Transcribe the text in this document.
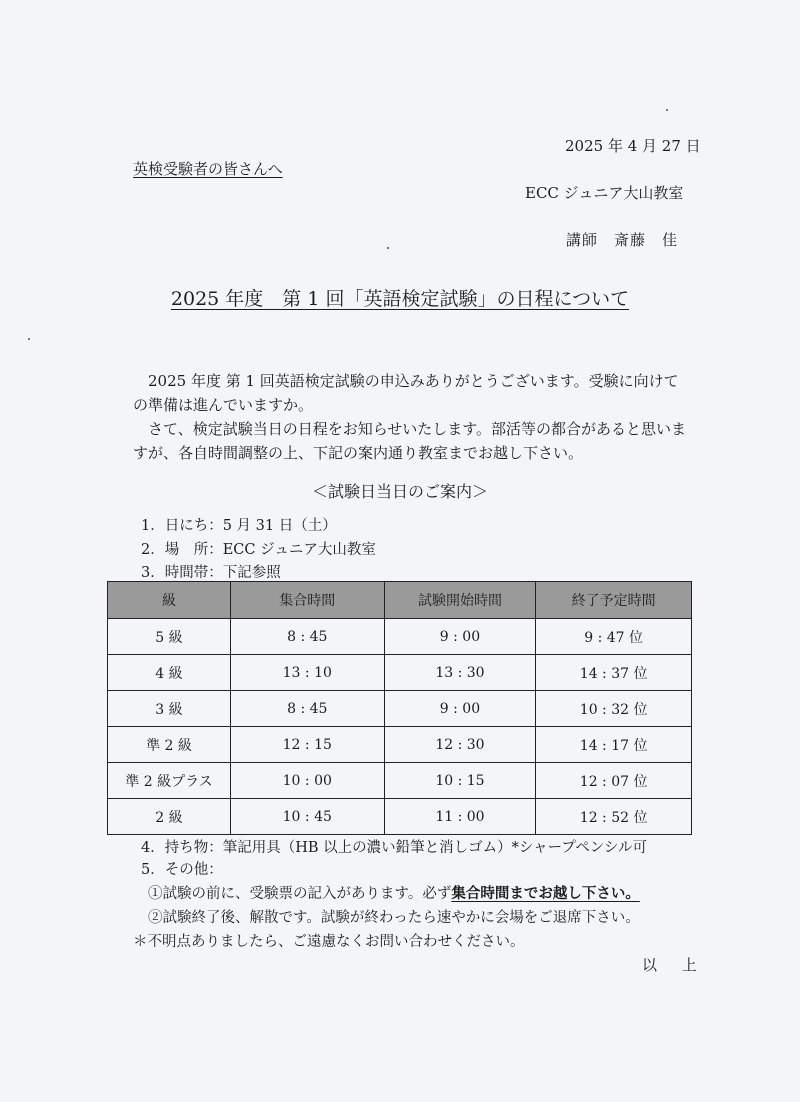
2025 年 4 月 27 日
英検受験者の皆さんへ
ECC ジュニア大山教室
講師　斎藤　佳
2025 年度　第 1 回「英語検定試験」の日程について

2025 年度 第 1 回英語検定試験の申込みありがとうございます。受験に向けての準備は進んでいますか。

さて、検定試験当日の日程をお知らせいたします。部活等の都合があると思いますが、各自時間調整の上、下記の案内通り教室までお越し下さい。

＜試験日当日のご案内＞
1．日にち：5 月 31 日（土）
2．場　所：ECC ジュニア大山教室
3．時間帯：下記参照
級	集合時間	試験開始時間	終了予定時間
5 級	8 : 45	9 : 00	9 : 47 位
4 級	13 : 10	13 : 30	14 : 37 位
3 級	8 : 45	9 : 00	10 : 32 位
準 2 級	12 : 15	12 : 30	14 : 17 位
準 2 級プラス	10 : 00	10 : 15	12 : 07 位
2 級	10 : 45	11 : 00	12 : 52 位
4．持ち物：筆記用具（HB 以上の濃い鉛筆と消しゴム）*シャープペンシル可
5．その他：
①試験の前に、受験票の記入があります。必ず集合時間までお越し下さい。
②試験終了後、解散です。試験が終わったら速やかに会場をご退席下さい。
＊不明点ありましたら、ご遠慮なくお問い合わせください。
以 上
